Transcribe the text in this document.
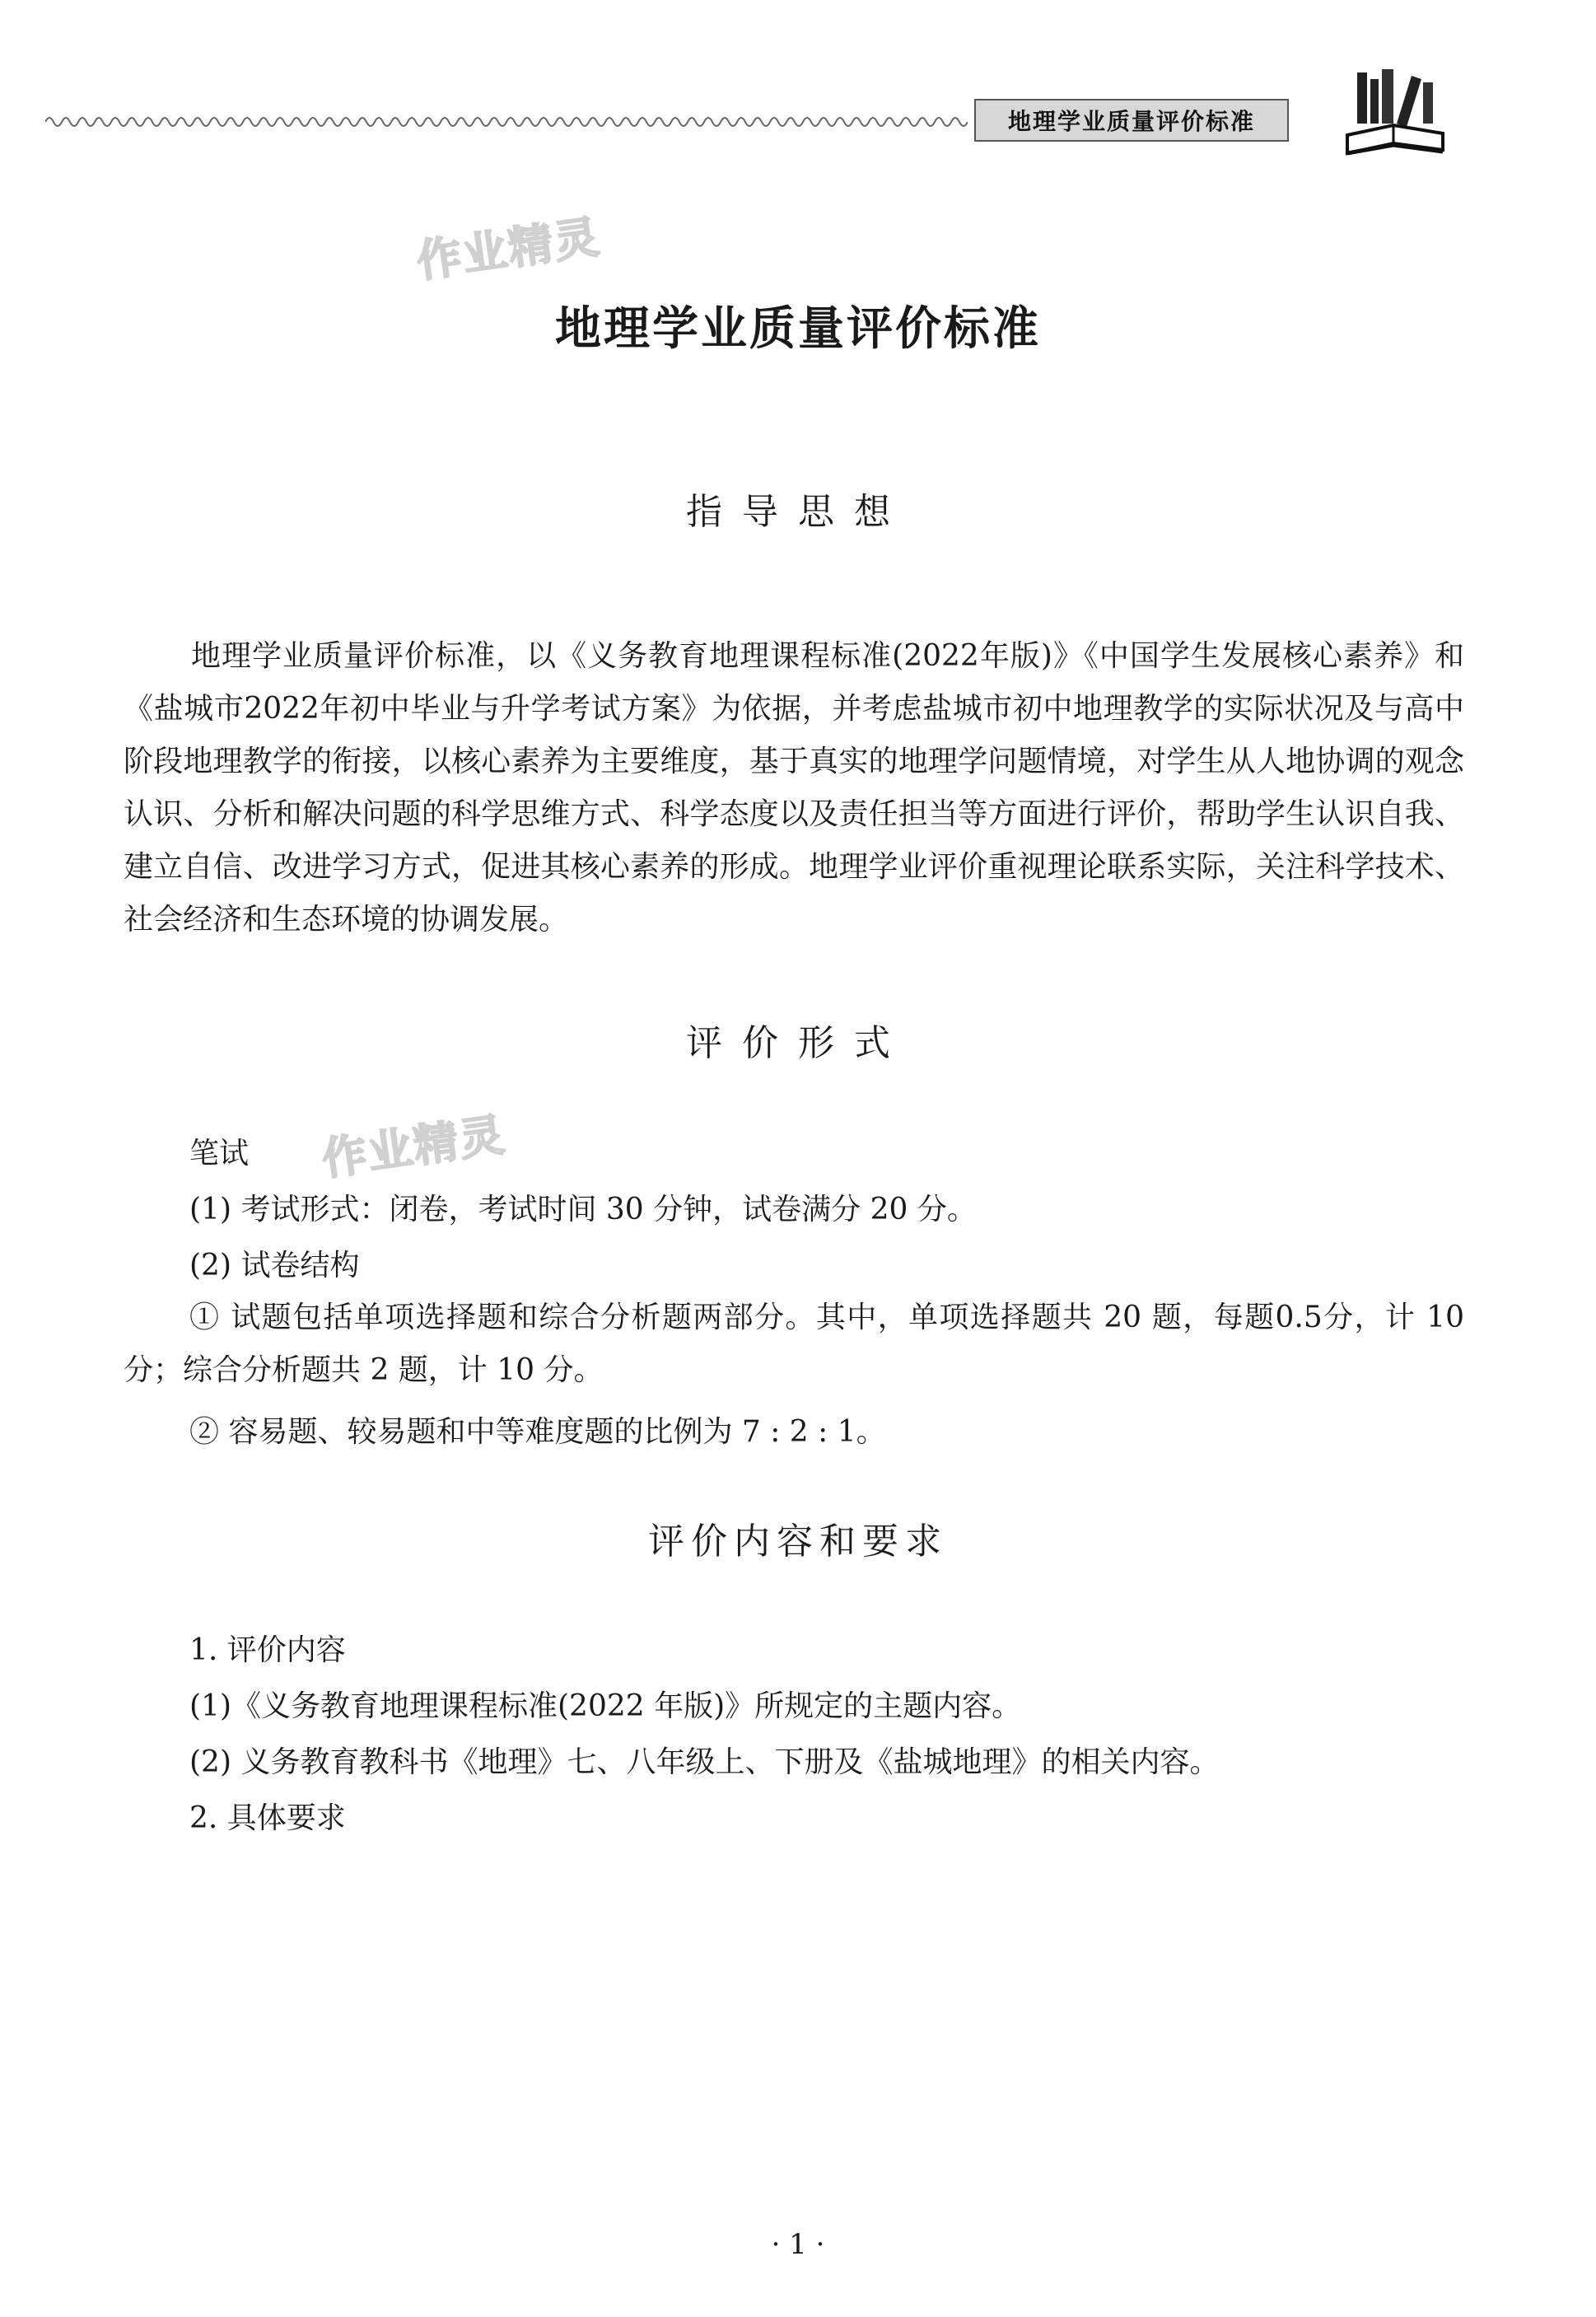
地理学业质量评价标准
作业精灵
作业精灵
地理学业质量评价标准
指导思想
地理学业质量评价标准，以《义务教育地理课程标准(2022年版)》《中国学生发展核心素养》和《盐城市2022年初中毕业与升学考试方案》为依据，并考虑盐城市初中地理教学的实际状况及与高中阶段地理教学的衔接，以核心素养为主要维度，基于真实的地理学问题情境，对学生从人地协调的观念认识、分析和解决问题的科学思维方式、科学态度以及责任担当等方面进行评价，帮助学生认识自我、建立自信、改进学习方式，促进其核心素养的形成。地理学业评价重视理论联系实际，关注科学技术、社会经济和生态环境的协调发展。
评价形式
笔试
(1) 考试形式：闭卷，考试时间 30 分钟，试卷满分 20 分。
(2) 试卷结构
① 试题包括单项选择题和综合分析题两部分。其中，单项选择题共 20 题，每题0.5分，计 10 分；综合分析题共 2 题，计 10 分。
② 容易题、较易题和中等难度题的比例为 7 : 2 : 1。
评价内容和要求
1. 评价内容
(1)《义务教育地理课程标准(2022 年版)》所规定的主题内容。
(2) 义务教育教科书《地理》七、八年级上、下册及《盐城地理》的相关内容。
2. 具体要求
· 1 ·
